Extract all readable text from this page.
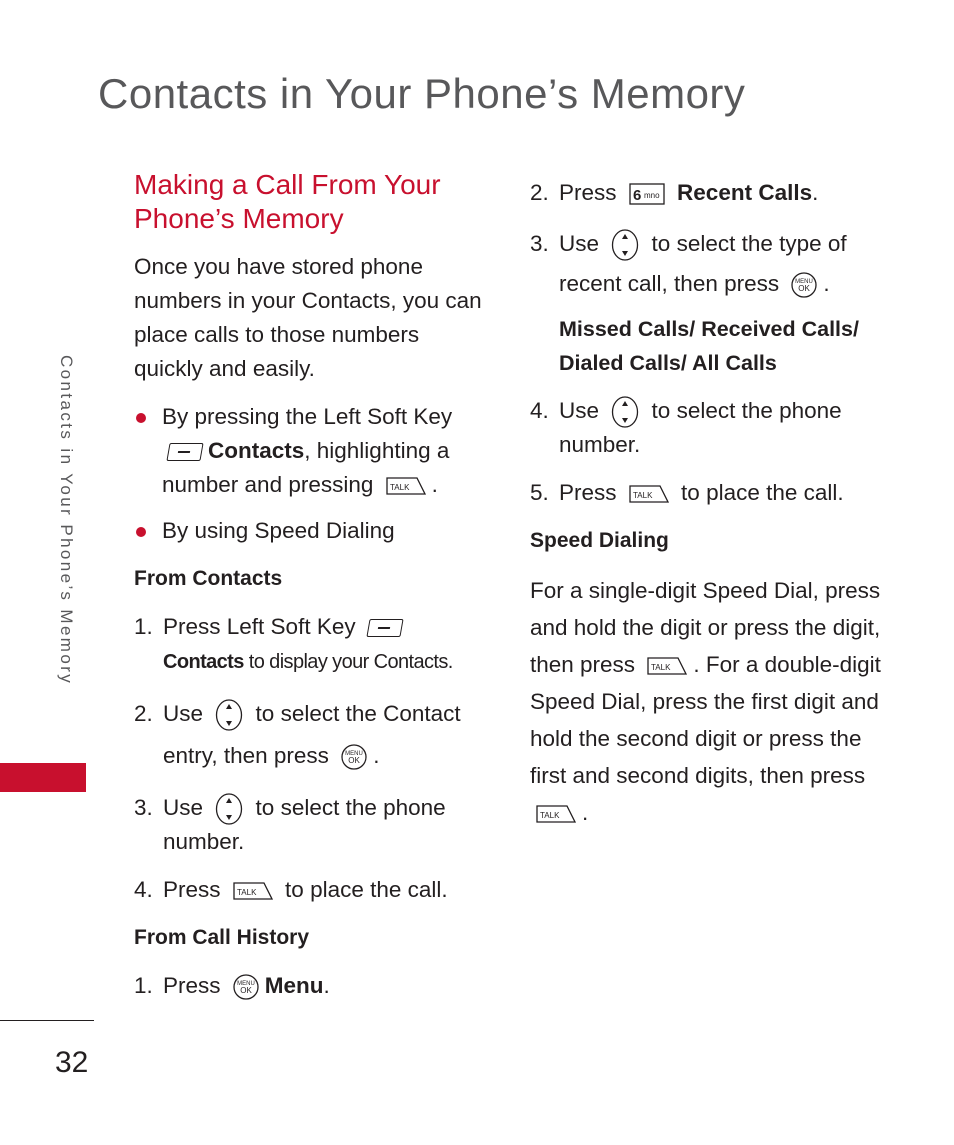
Contacts in Your Phone’s Memory
Contacts in Your Phone’s Memory
32
Making a Call From Your
Phone’s Memory

Once you have stored phone numbers in your Contacts, you can place calls to those numbers quickly and easily.

By pressing the Left Soft Key
Contacts, highlighting a number and pressing TALK .
By using Speed Dialing
From Contacts
1. Press Left Soft Key
Contacts to display your Contacts.
2. Use to select the Contact entry, then press	MENU
OK .
3. Use to select the phone number.
4. Press TALK to place the call.
From Call History
1. Press	MENU
OK Menu.
2. Press 6 mno Recent Calls.
3. Use to select the type of recent call, then press	MENU
OK .

Missed Calls/ Received Calls/ Dialed Calls/ All Calls

4. Use to select the phone number.
5. Press TALK to place the call.
Speed Dialing

For a single-digit Speed Dial, press and hold the digit or press the digit, then press TALK . For a double-digit Speed Dial, press the first digit and hold the second digit or press the first and second digits, then press
TALK .
